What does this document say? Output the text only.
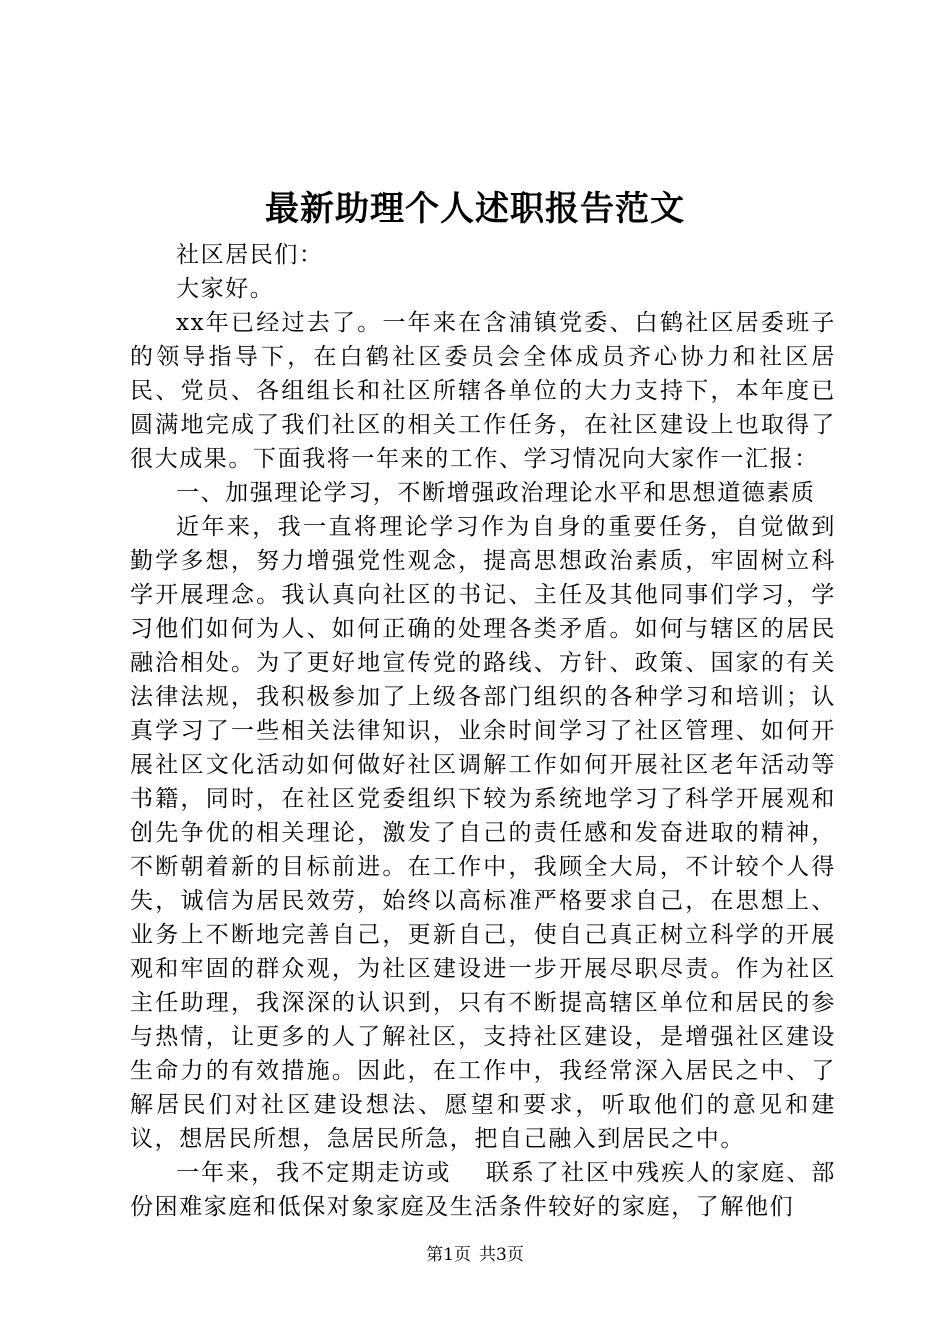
最新助理个人述职报告范文

社区居民们：

大家好。

xx年已经过去了。一年来在含浦镇党委、白鹤社区居委班子的领导指导下，在白鹤社区委员会全体成员齐心协力和社区居民、党员、各组组长和社区所辖各单位的大力支持下，本年度已圆满地完成了我们社区的相关工作任务，在社区建设上也取得了很大成果。下面我将一年来的工作、学习情况向大家作一汇报：

一、加强理论学习，不断增强政治理论水平和思想道德素质

近年来，我一直将理论学习作为自身的重要任务，自觉做到勤学多想，努力增强党性观念，提高思想政治素质，牢固树立科学开展理念。我认真向社区的书记、主任及其他同事们学习，学习他们如何为人、如何正确的处理各类矛盾。如何与辖区的居民融洽相处。为了更好地宣传党的路线、方针、政策、国家的有关法律法规，我积极参加了上级各部门组织的各种学习和培训；认真学习了一些相关法律知识，业余时间学习了社区管理、如何开展社区文化活动如何做好社区调解工作如何开展社区老年活动等书籍，同时，在社区党委组织下较为系统地学习了科学开展观和创先争优的相关理论，激发了自己的责任感和发奋进取的精神，不断朝着新的目标前进。在工作中，我顾全大局，不计较个人得失，诚信为居民效劳，始终以高标准严格要求自己，在思想上、业务上不断地完善自己，更新自己，使自己真正树立科学的开展观和牢固的群众观，为社区建设进一步开展尽职尽责。作为社区主任助理，我深深的认识到，只有不断提高辖区单位和居民的参与热情，让更多的人了解社区，支持社区建设，是增强社区建设生命力的有效措施。因此，在工作中，我经常深入居民之中、了解居民们对社区建设想法、愿望和要求，听取他们的意见和建议，想居民所想，急居民所急，把自己融入到居民之中。

一年来，我不定期走访或　 联系了社区中残疾人的家庭、部份困难家庭和低保对象家庭及生活条件较好的家庭，了解他们

第1页 共3页
